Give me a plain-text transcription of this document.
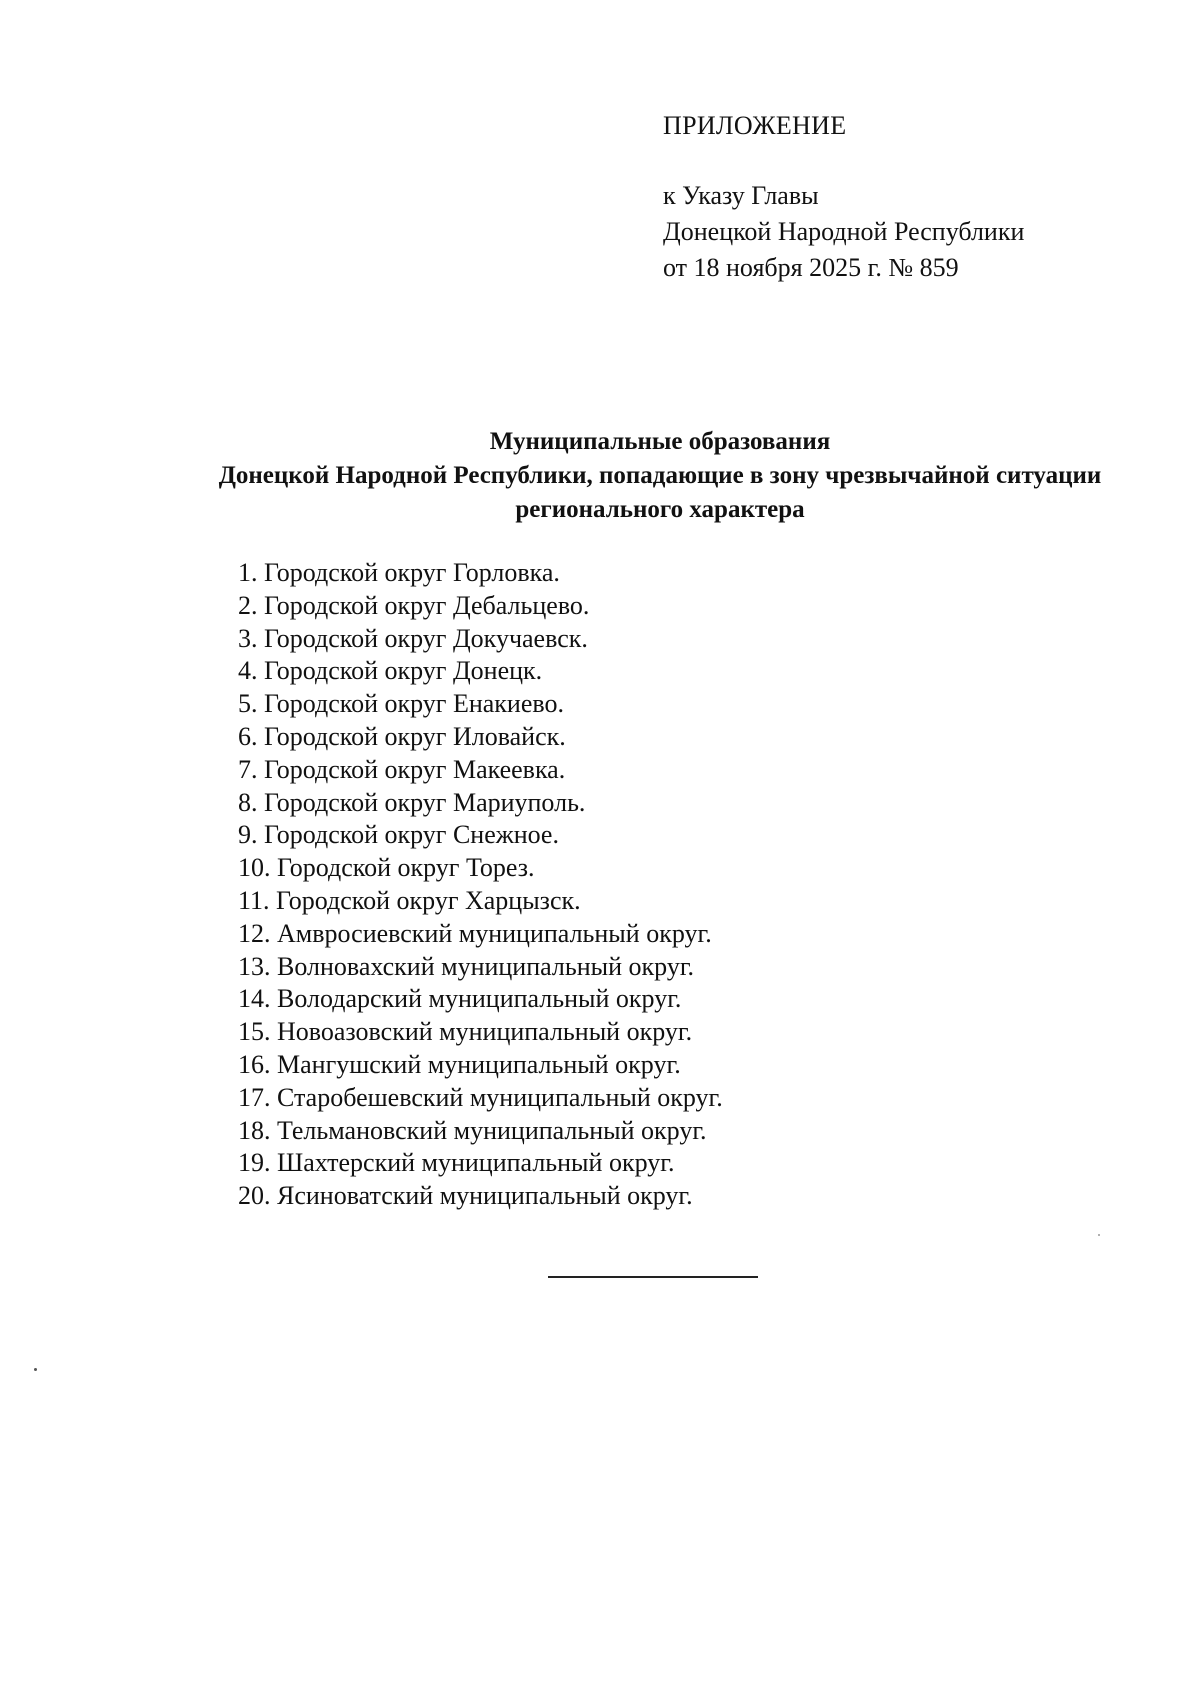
ПРИЛОЖЕНИЕ
к Указу Главы
Донецкой Народной Республики
от 18 ноября 2025 г. № 859
Муниципальные образования
Донецкой Народной Республики, попадающие в зону чрезвычайной ситуации
регионального характера
1. Городской округ Горловка.
2. Городской округ Дебальцево.
3. Городской округ Докучаевск.
4. Городской округ Донецк.
5. Городской округ Енакиево.
6. Городской округ Иловайск.
7. Городской округ Макеевка.
8. Городской округ Мариуполь.
9. Городской округ Снежное.
10. Городской округ Торез.
11. Городской округ Харцызск.
12. Амвросиевский муниципальный округ.
13. Волновахский муниципальный округ.
14. Володарский муниципальный округ.
15. Новоазовский муниципальный округ.
16. Мангушский муниципальный округ.
17. Старобешевский муниципальный округ.
18. Тельмановский муниципальный округ.
19. Шахтерский муниципальный округ.
20. Ясиноватский муниципальный округ.
